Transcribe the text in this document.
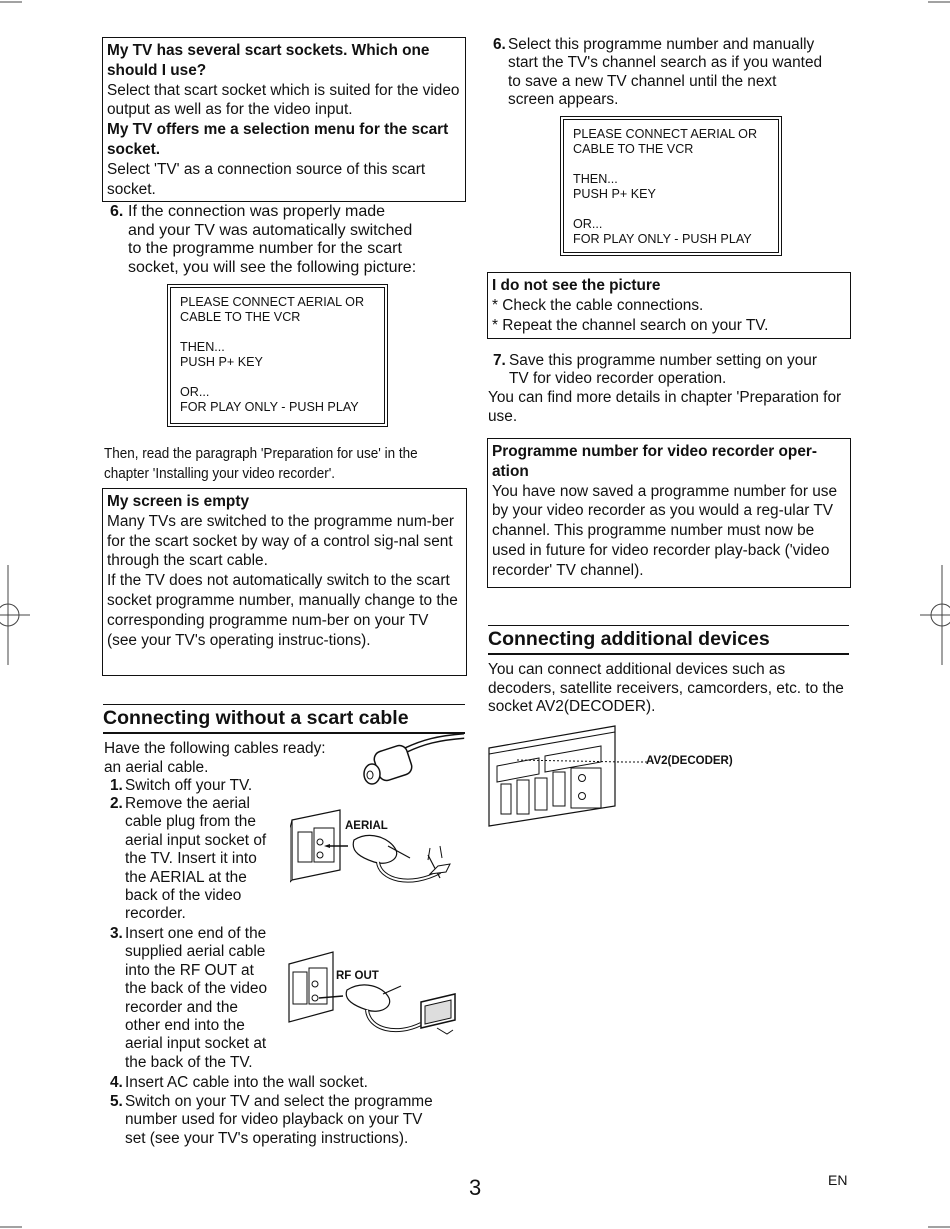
My TV has several scart sockets. Which one should I use?
Select that scart socket which is suited for the video output as well as for the video input.
My TV offers me a selection menu for the scart socket.
Select 'TV' as a connection source of this scart socket.
6. If the connection was properly made
and your TV was automatically switched
to the programme number for the scart
socket, you will see the following picture:
PLEASE CONNECT AERIAL OR
CABLE TO THE VCR

THEN...
PUSH P+ KEY

OR...
FOR PLAY ONLY - PUSH PLAY
Then, read the paragraph 'Preparation for use' in the chapter 'Installing your video recorder'.
My screen is empty
Many TVs are switched to the programme num-ber for the scart socket by way of a control sig-nal sent through the scart cable.
If the TV does not automatically switch to the scart socket programme number, manually change to the corresponding programme num-ber on your TV (see your TV's operating instruc-tions).
Connecting without a scart cable
Have the following cables ready:
an aerial cable.
1. Switch off your TV.
2. Remove the aerial
cable plug from the
aerial input socket of
the TV. Insert it into
the AERIAL at the
back of the video
recorder.
AERIAL
3. Insert one end of the
supplied aerial cable
into the RF OUT at
the back of the video
recorder and the
other end into the
aerial input socket at
the back of the TV.
RF OUT
4. Insert AC cable into the wall socket.
5. Switch on your TV and select the programme
number used for video playback on your TV
set (see your TV's operating instructions).
6. Select this programme number and manually
start the TV's channel search as if you wanted
to save a new TV channel until the next
screen appears.
PLEASE CONNECT AERIAL OR
CABLE TO THE VCR

THEN...
PUSH P+ KEY

OR...
FOR PLAY ONLY - PUSH PLAY
I do not see the picture
* Check the cable connections.
* Repeat the channel search on your TV.
7. Save this programme number setting on your
TV for video recorder operation.
You can find more details in chapter 'Preparation for use.
Programme number for video recorder oper-ation
You have now saved a programme number for use by your video recorder as you would a reg-ular TV channel. This programme number must now be used in future for video recorder play-back ('video recorder' TV channel).
Connecting additional devices
You can connect additional devices such as decoders, satellite receivers, camcorders, etc. to the socket AV2(DECODER).
AV2(DECODER)
3	EN
